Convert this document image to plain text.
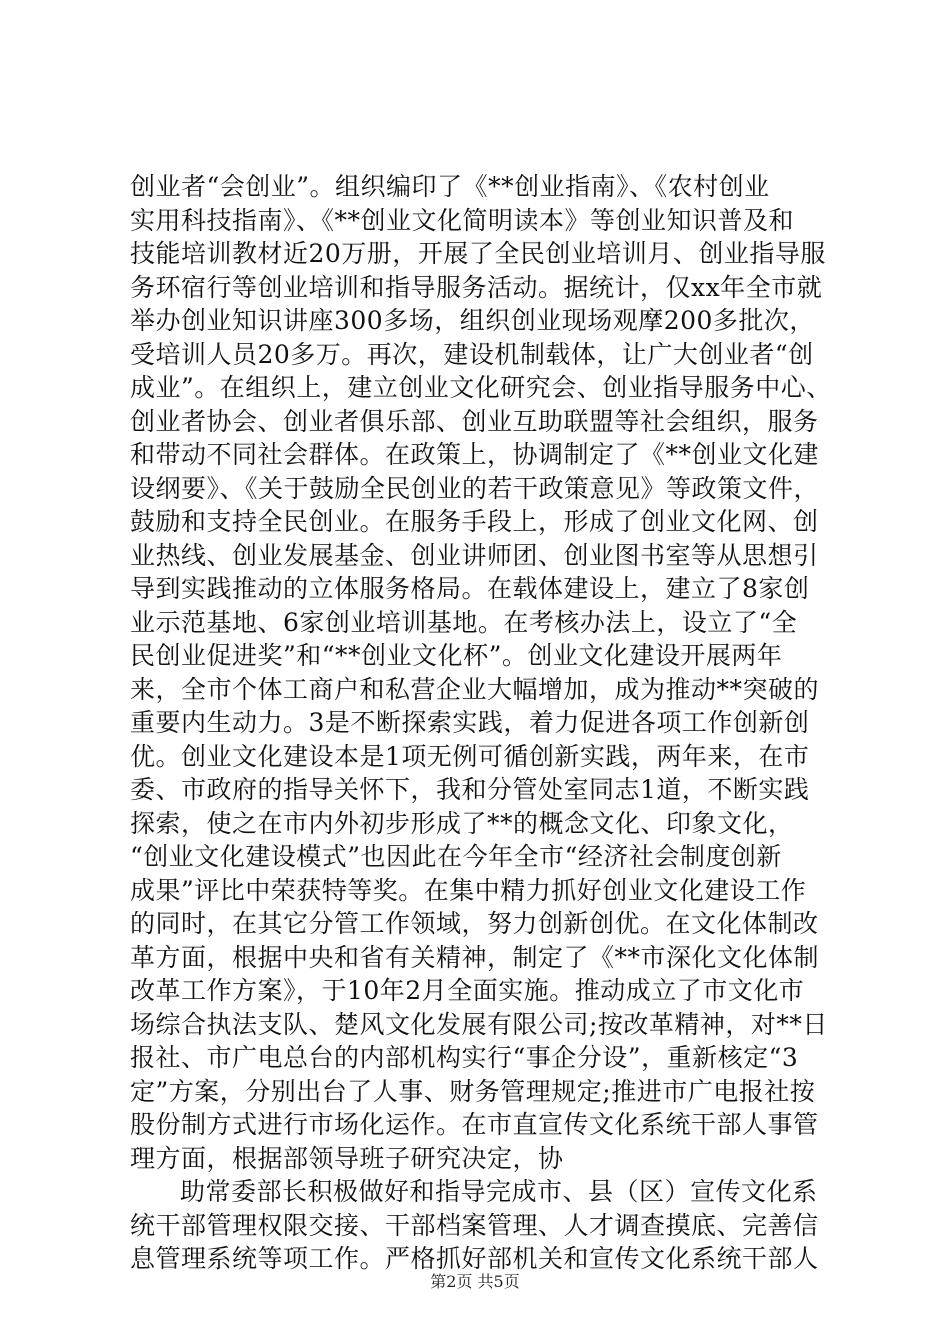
创业者“会创业”。组织编印了《**创业指南》、《农村创业
实用科技指南》、《**创业文化简明读本》等创业知识普及和
技能培训教材近20万册，开展了全民创业培训月、创业指导服
务环宿行等创业培训和指导服务活动。据统计，仅xx年全市就
举办创业知识讲座300多场，组织创业现场观摩200多批次，
受培训人员20多万。再次，建设机制载体，让广大创业者“创
成业”。在组织上，建立创业文化研究会、创业指导服务中心、
创业者协会、创业者俱乐部、创业互助联盟等社会组织，服务
和带动不同社会群体。在政策上，协调制定了《**创业文化建
设纲要》、《关于鼓励全民创业的若干政策意见》等政策文件，
鼓励和支持全民创业。在服务手段上，形成了创业文化网、创
业热线、创业发展基金、创业讲师团、创业图书室等从思想引
导到实践推动的立体服务格局。在载体建设上，建立了8家创
业示范基地、6家创业培训基地。在考核办法上，设立了“全
民创业促进奖”和“**创业文化杯”。创业文化建设开展两年
来，全市个体工商户和私营企业大幅增加，成为推动**突破的
重要内生动力。3是不断探索实践，着力促进各项工作创新创
优。创业文化建设本是1项无例可循创新实践，两年来，在市
委、市政府的指导关怀下，我和分管处室同志1道，不断实践
探索，使之在市内外初步形成了**的概念文化、印象文化，
“创业文化建设模式”也因此在今年全市“经济社会制度创新
成果”评比中荣获特等奖。在集中精力抓好创业文化建设工作
的同时，在其它分管工作领域，努力创新创优。在文化体制改
革方面，根据中央和省有关精神，制定了《**市深化文化体制
改革工作方案》，于10年2月全面实施。推动成立了市文化市
场综合执法支队、楚风文化发展有限公司;按改革精神，对**日
报社、市广电总台的内部机构实行“事企分设”，重新核定“3
定”方案，分别出台了人事、财务管理规定;推进市广电报社按
股份制方式进行市场化运作。在市直宣传文化系统干部人事管
理方面，根据部领导班子研究决定，协
助常委部长积极做好和指导完成市、县（区）宣传文化系
统干部管理权限交接、干部档案管理、人才调查摸底、完善信
息管理系统等项工作。严格抓好部机关和宣传文化系统干部人
第2页 共5页
